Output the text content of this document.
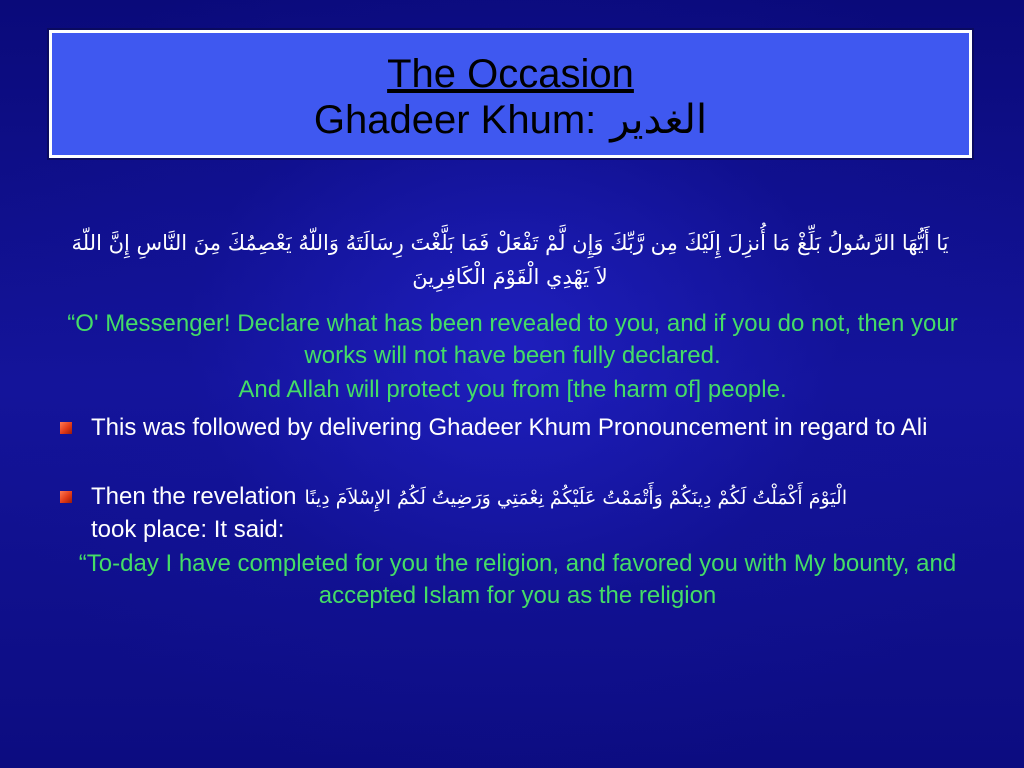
The Occasion
Ghadeer Khum: الغدير
يَا أَيُّهَا الرَّسُولُ بَلِّغْ مَا أُنزِلَ إِلَيْكَ مِن رَّبِّكَ وَإِن لَّمْ تَفْعَلْ فَمَا بَلَّغْتَ رِسَالَتَهُ وَاللّهُ يَعْصِمُكَ مِنَ النَّاسِ إِنَّ اللّهَ لاَ يَهْدِي الْقَوْمَ الْكَافِرِينَ
“O' Messenger! Declare what has been revealed to you, and if you do not, then your works will not have been fully declared.
And Allah will protect you from [the harm of] people.
This was followed by delivering Ghadeer Khum Pronouncement in regard to Ali
Then the revelation الْيَوْمَ أَكْمَلْتُ لَكُمْ دِينَكُمْ وَأَتْمَمْتُ عَلَيْكُمْ نِعْمَتِي وَرَضِيتُ لَكُمُ الإِسْلاَمَ دِينًا
took place: It said:
“To-day I have completed for you the religion, and favored you with My bounty, and accepted Islam for you as the religion
